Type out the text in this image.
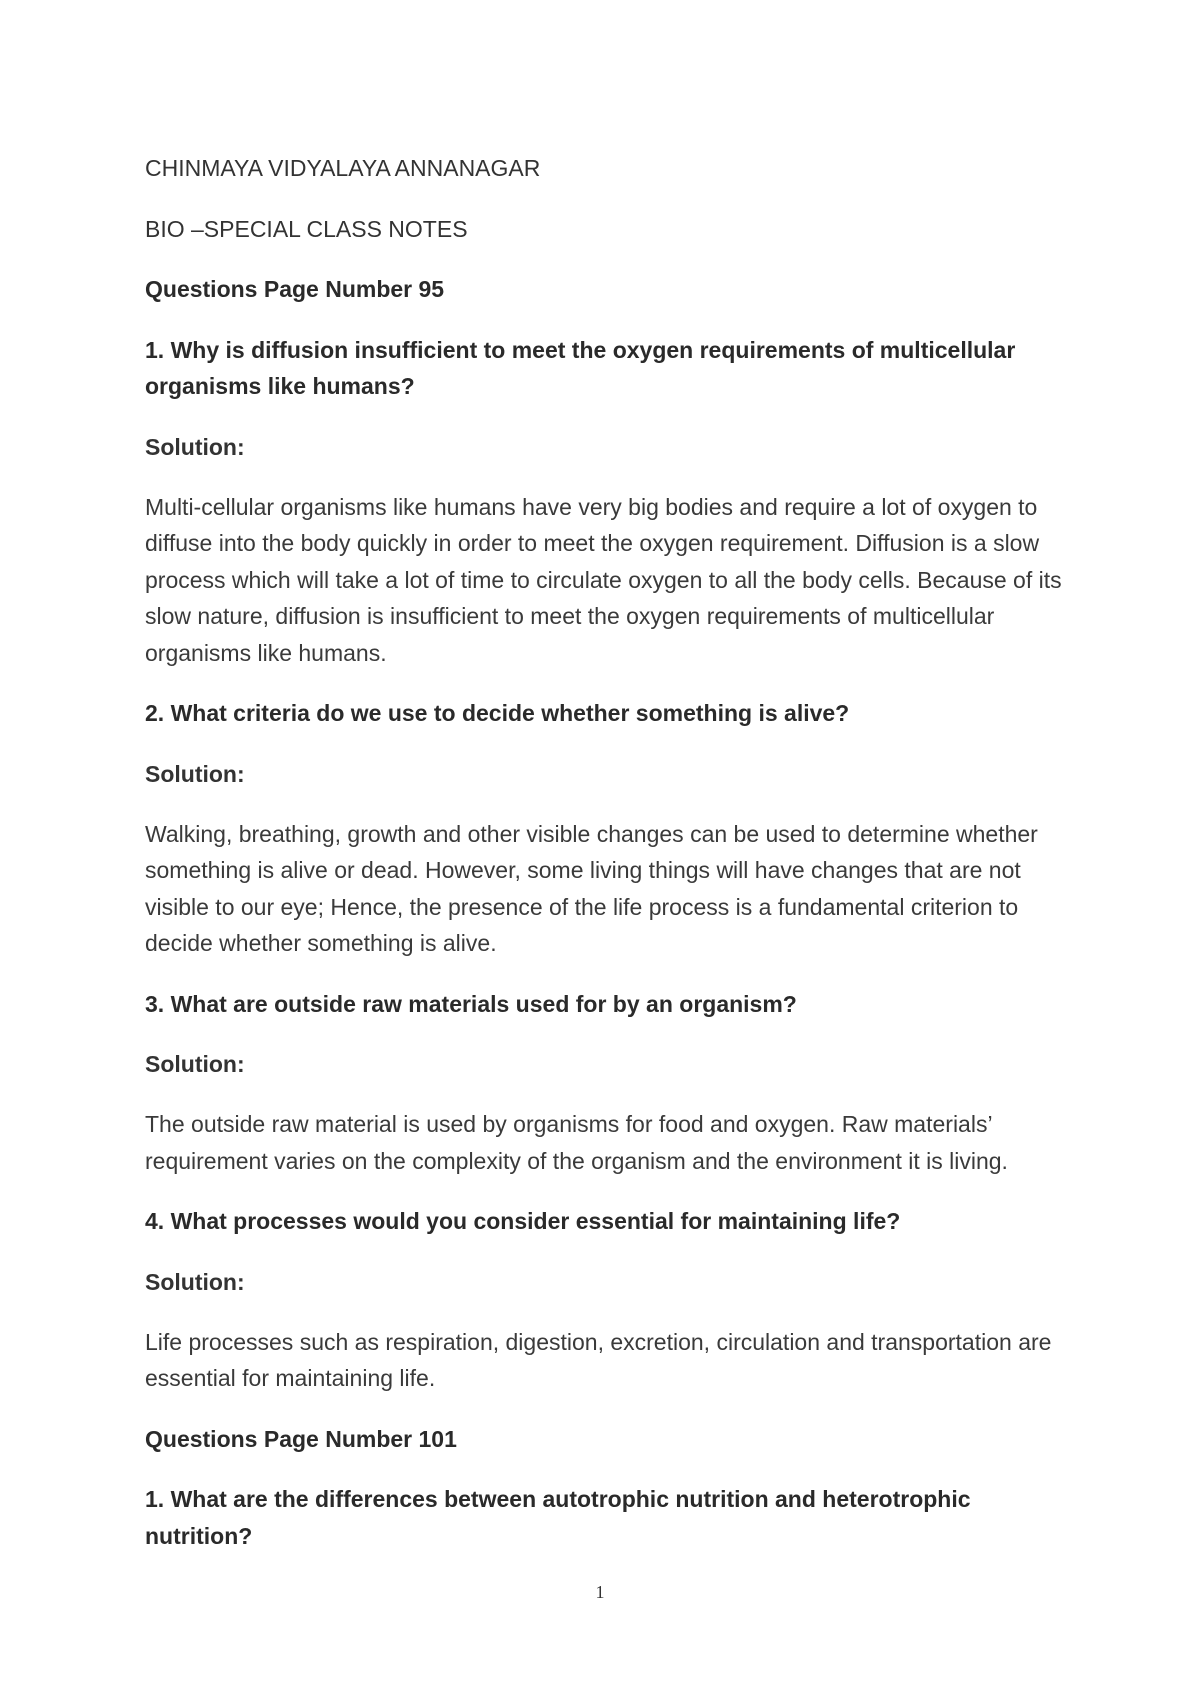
CHINMAYA VIDYALAYA ANNANAGAR

BIO –SPECIAL CLASS NOTES

Questions Page Number 95

1. Why is diffusion insufficient to meet the oxygen requirements of multicellular organisms like humans?

Solution:

Multi-cellular organisms like humans have very big bodies and require a lot of oxygen to diffuse into the body quickly in order to meet the oxygen requirement. Diffusion is a slow process which will take a lot of time to circulate oxygen to all the body cells. Because of its slow nature, diffusion is insufficient to meet the oxygen requirements of multicellular organisms like humans.

2. What criteria do we use to decide whether something is alive?

Solution:

Walking, breathing, growth and other visible changes can be used to determine whether something is alive or dead. However, some living things will have changes that are not visible to our eye; Hence, the presence of the life process is a fundamental criterion to decide whether something is alive.

3. What are outside raw materials used for by an organism?

Solution:

The outside raw material is used by organisms for food and oxygen. Raw materials’ requirement varies on the complexity of the organism and the environment it is living.

4. What processes would you consider essential for maintaining life?

Solution:

Life processes such as respiration, digestion, excretion, circulation and transportation are essential for maintaining life.

Questions Page Number 101

1. What are the differences between autotrophic nutrition and heterotrophic nutrition?

1
